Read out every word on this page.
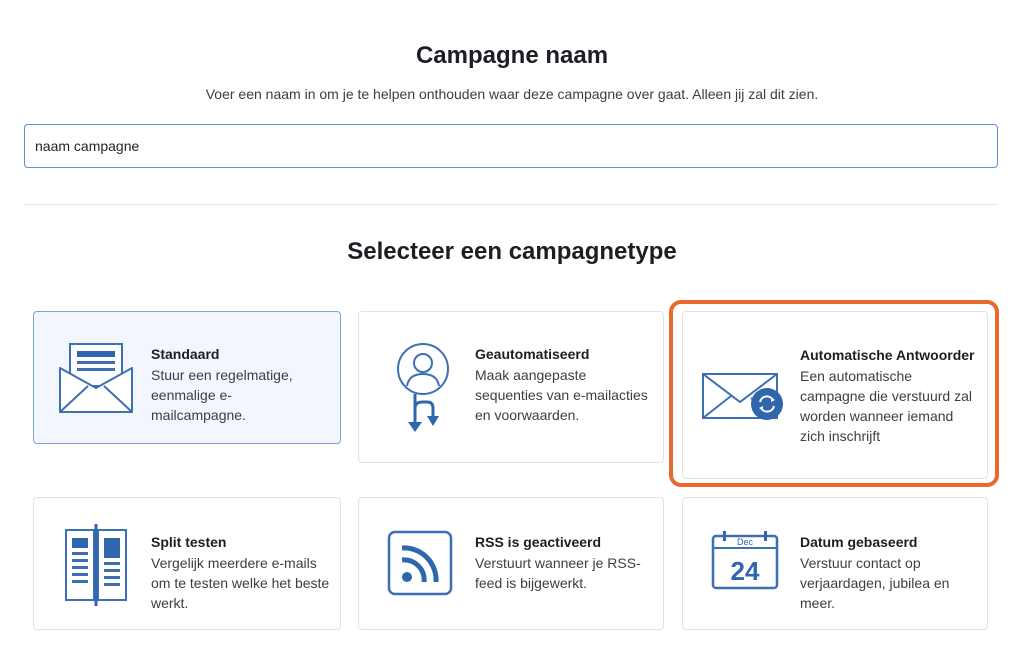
Campagne naam
Voer een naam in om je te helpen onthouden waar deze campagne over gaat. Alleen jij zal dit zien.
naam campagne
Selecteer een campagnetype
Standaard
Stuur een regelmatige, eenmalige e-mailcampagne.
Geautomatiseerd
Maak aangepaste sequenties van e-mailacties en voorwaarden.
Automatische Antwoorder
Een automatische campagne die verstuurd zal worden wanneer iemand zich inschrijft
Split testen
Vergelijk meerdere e-mails om te testen welke het beste werkt.
RSS is geactiveerd
Verstuurt wanneer je RSS-feed is bijgewerkt.
Dec
24
Datum gebaseerd
Verstuur contact op verjaardagen, jubilea en meer.
